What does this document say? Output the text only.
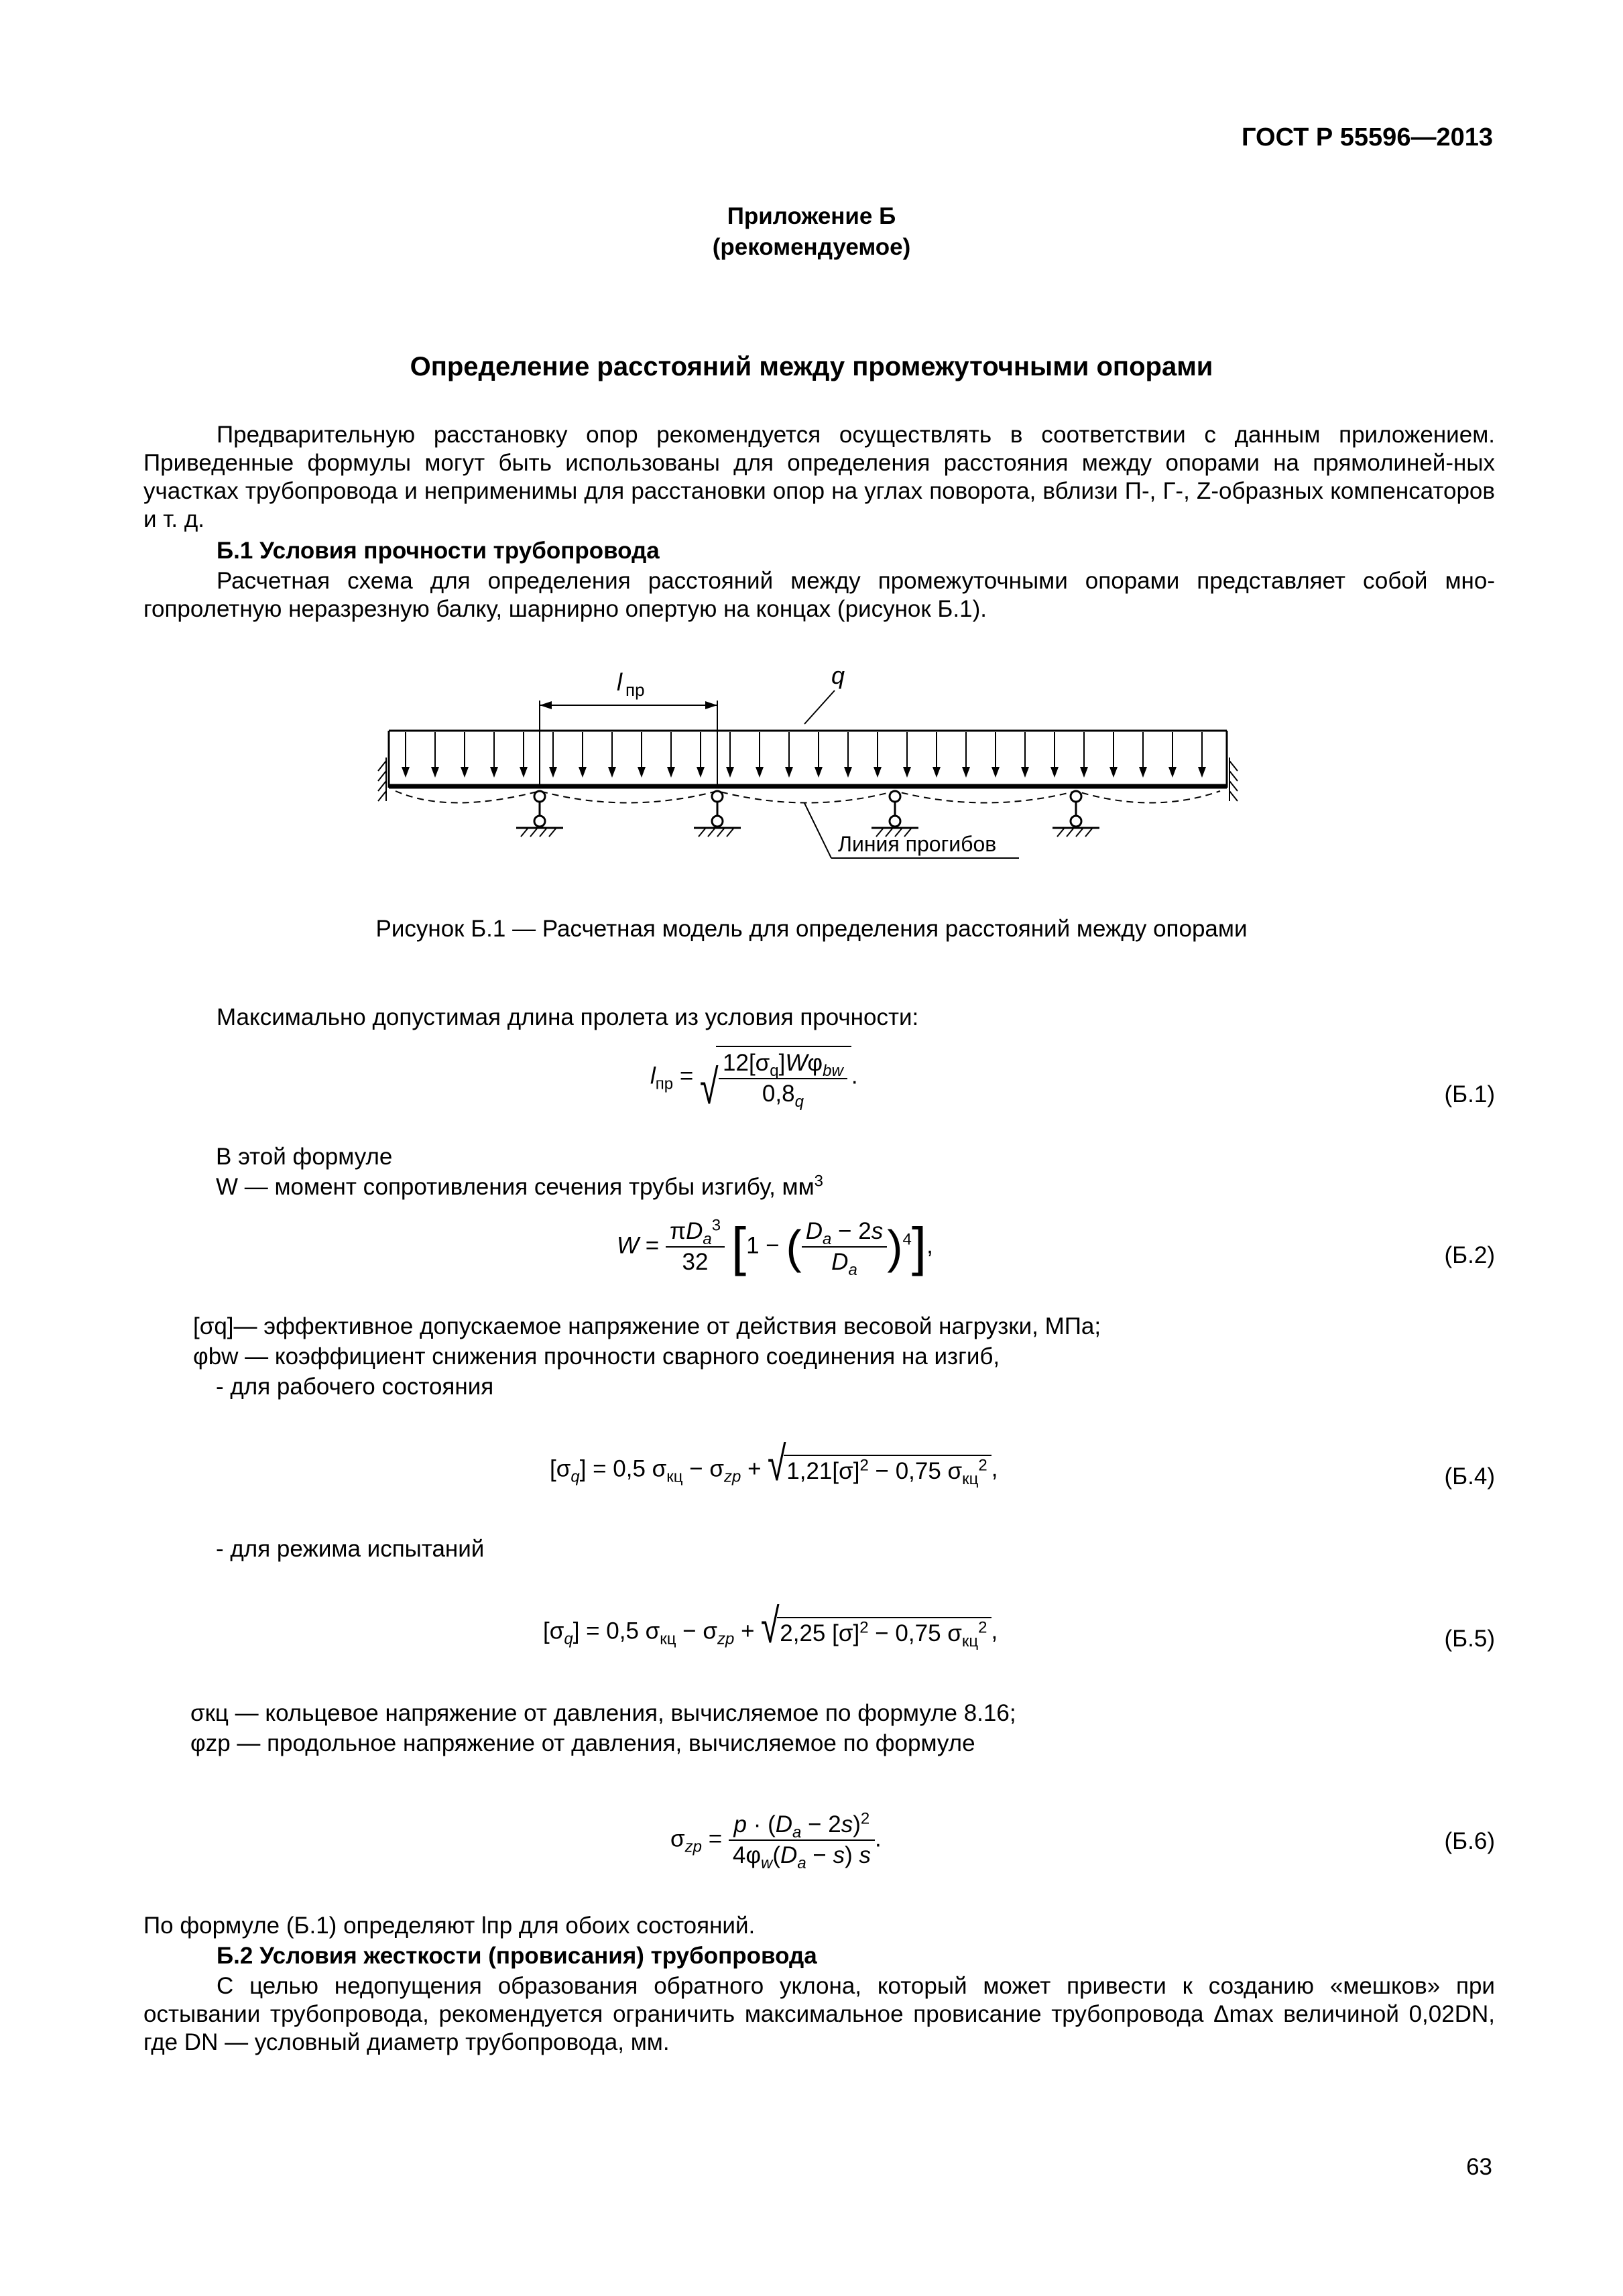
ГОСТ Р 55596—2013
Приложение Б
(рекомендуемое)
Определение расстояний между промежуточными опорами
Предварительную расстановку опор рекомендуется осуществлять в соответствии с данным приложением. Приведенные формулы могут быть использованы для определения расстояния между опорами на прямолиней-ных участках трубопровода и неприменимы для расстановки опор на углах поворота, вблизи П-, Г-, Z-образных компенсаторов и т. д.
Б.1 Условия прочности трубопровода
Расчетная схема для определения расстояний между промежуточными опорами представляет собой мно-гопролетную неразрезную балку, шарнирно опертую на концах (рисунок Б.1).
l пр
q
Линия прогибов
Рисунок Б.1 — Расчетная модель для определения расстояний между опорами
Максимально допустимая длина пролета из условия прочности:
$l_{пр}$ =
√ $\frac{12[\sigma_q]W\varphi_{bw}}{0,8_q}$ .
(Б.1)
В этой формуле
W — момент сопротивления сечения трубы изгибу, $мм^3$
$W = \frac{\pi D_a^3}{32} [1$ − ( $\frac{D_a - 2s}{D_a} )^4$],	(Б.2)
[σq]— эффективное допускаемое напряжение от действия весовой нагрузки, МПа;
φbw — коэффициент снижения прочности сварного соединения на изгиб,
- для рабочего состояния
$[\sigma_q] = 0,5$ $\sigma_{кц} - \sigma_{zp}$ + √ $1,21[\sigma]^2 - 0,75$ $\sigma_{кц}^2$ ,	(Б.4)
- для режима испытаний
$[\sigma_q] = 0,5$ $\sigma_{кц} - \sigma_{zp}$ + √ 2,25 $[\sigma]^2 - 0,75$ $\sigma_{кц}^2$ ,	(Б.5)
σкц — кольцевое напряжение от давления, вычисляемое по формуле 8.16;
φzp — продольное напряжение от давления, вычисляемое по формуле
$\sigma_{zp} = \frac{p \cdot (D_a - 2s)^2}{4\varphi_w(D_a - s) s}$ .	(Б.6)
По формуле (Б.1) определяют lпр для обоих состояний.
Б.2 Условия жесткости (провисания) трубопровода
С целью недопущения образования обратного уклона, который может привести к созданию «мешков» при остывании трубопровода, рекомендуется ограничить максимальное провисание трубопровода Δmax величиной 0,02DN, где DN — условный диаметр трубопровода, мм.
63
